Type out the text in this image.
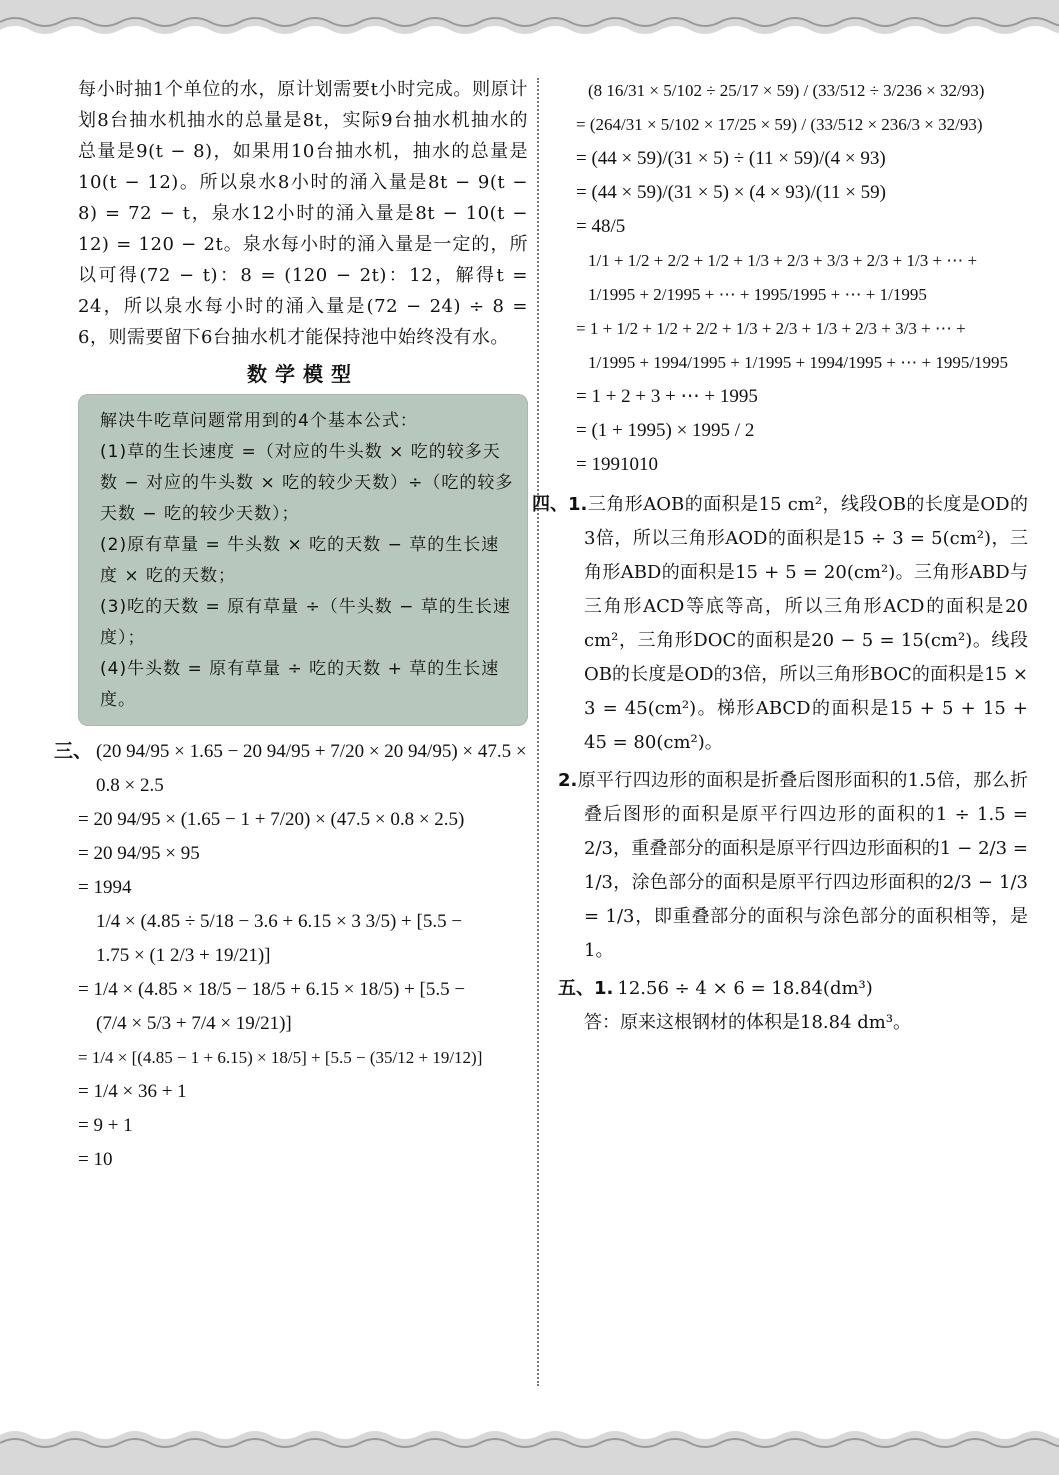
每小时抽1个单位的水，原计划需要t小时完成。则原计划8台抽水机抽水的总量是8t，实际9台抽水机抽水的总量是9(t − 8)，如果用10台抽水机，抽水的总量是10(t − 12)。所以泉水8小时的涌入量是8t − 9(t − 8) = 72 − t，泉水12小时的涌入量是8t − 10(t − 12) = 120 − 2t。泉水每小时的涌入量是一定的，所以可得(72 − t)：8 = (120 − 2t)：12，解得t = 24，所以泉水每小时的涌入量是(72 − 24) ÷ 8 = 6，则需要留下6台抽水机才能保持池中始终没有水。

数学模型

解决牛吃草问题常用到的4个基本公式：
(1)草的生长速度 =（对应的牛头数 × 吃的较多天数 − 对应的牛头数 × 吃的较少天数）÷（吃的较多天数 − 吃的较少天数）；
(2)原有草量 = 牛头数 × 吃的天数 − 草的生长速度 × 吃的天数；
(3)吃的天数 = 原有草量 ÷（牛头数 − 草的生长速度）；
(4)牛头数 = 原有草量 ÷ 吃的天数 + 草的生长速度。

三、 (20 94/95 × 1.65 − 20 94/95 + 7/20 × 20 94/95) × 47.5 ×

0.8 × 2.5

= 20 94/95 × (1.65 − 1 + 7/20) × (47.5 × 0.8 × 2.5)

= 20 94/95 × 95

= 1994

1/4 × (4.85 ÷ 5/18 − 3.6 + 6.15 × 3 3/5) + [5.5 −

1.75 × (1 2/3 + 19/21)]

= 1/4 × (4.85 × 18/5 − 18/5 + 6.15 × 18/5) + [5.5 −

(7/4 × 5/3 + 7/4 × 19/21)]

= 1/4 × [(4.85 − 1 + 6.15) × 18/5] + [5.5 − (35/12 + 19/12)]

= 1/4 × 36 + 1

= 9 + 1

= 10

(8 16/31 × 5/102 ÷ 25/17 × 59) / (33/512 ÷ 3/236 × 32/93)

= (264/31 × 5/102 × 17/25 × 59) / (33/512 × 236/3 × 32/93)

= (44 × 59)/(31 × 5) ÷ (11 × 59)/(4 × 93)

= (44 × 59)/(31 × 5) × (4 × 93)/(11 × 59)

= 48/5

1/1 + 1/2 + 2/2 + 1/2 + 1/3 + 2/3 + 3/3 + 2/3 + 1/3 + ⋯ +

1/1995 + 2/1995 + ⋯ + 1995/1995 + ⋯ + 1/1995

= 1 + 1/2 + 1/2 + 2/2 + 1/3 + 2/3 + 1/3 + 2/3 + 3/3 + ⋯ +

1/1995 + 1994/1995 + 1/1995 + 1994/1995 + ⋯ + 1995/1995

= 1 + 2 + 3 + ⋯ + 1995

= (1 + 1995) × 1995 / 2

= 1991010

四、1.三角形AOB的面积是15 cm²，线段OB的长度是OD的3倍，所以三角形AOD的面积是15 ÷ 3 = 5(cm²)，三角形ABD的面积是15 + 5 = 20(cm²)。三角形ABD与三角形ACD等底等高，所以三角形ACD的面积是20 cm²，三角形DOC的面积是20 − 5 = 15(cm²)。线段OB的长度是OD的3倍，所以三角形BOC的面积是15 × 3 = 45(cm²)。梯形ABCD的面积是15 + 5 + 15 + 45 = 80(cm²)。

2.原平行四边形的面积是折叠后图形面积的1.5倍，那么折叠后图形的面积是原平行四边形的面积的1 ÷ 1.5 = 2/3，重叠部分的面积是原平行四边形面积的1 − 2/3 = 1/3，涂色部分的面积是原平行四边形面积的2/3 − 1/3 = 1/3，即重叠部分的面积与涂色部分的面积相等，是1。

五、1. 12.56 ÷ 4 × 6 = 18.84(dm³)

答：原来这根钢材的体积是18.84 dm³。
